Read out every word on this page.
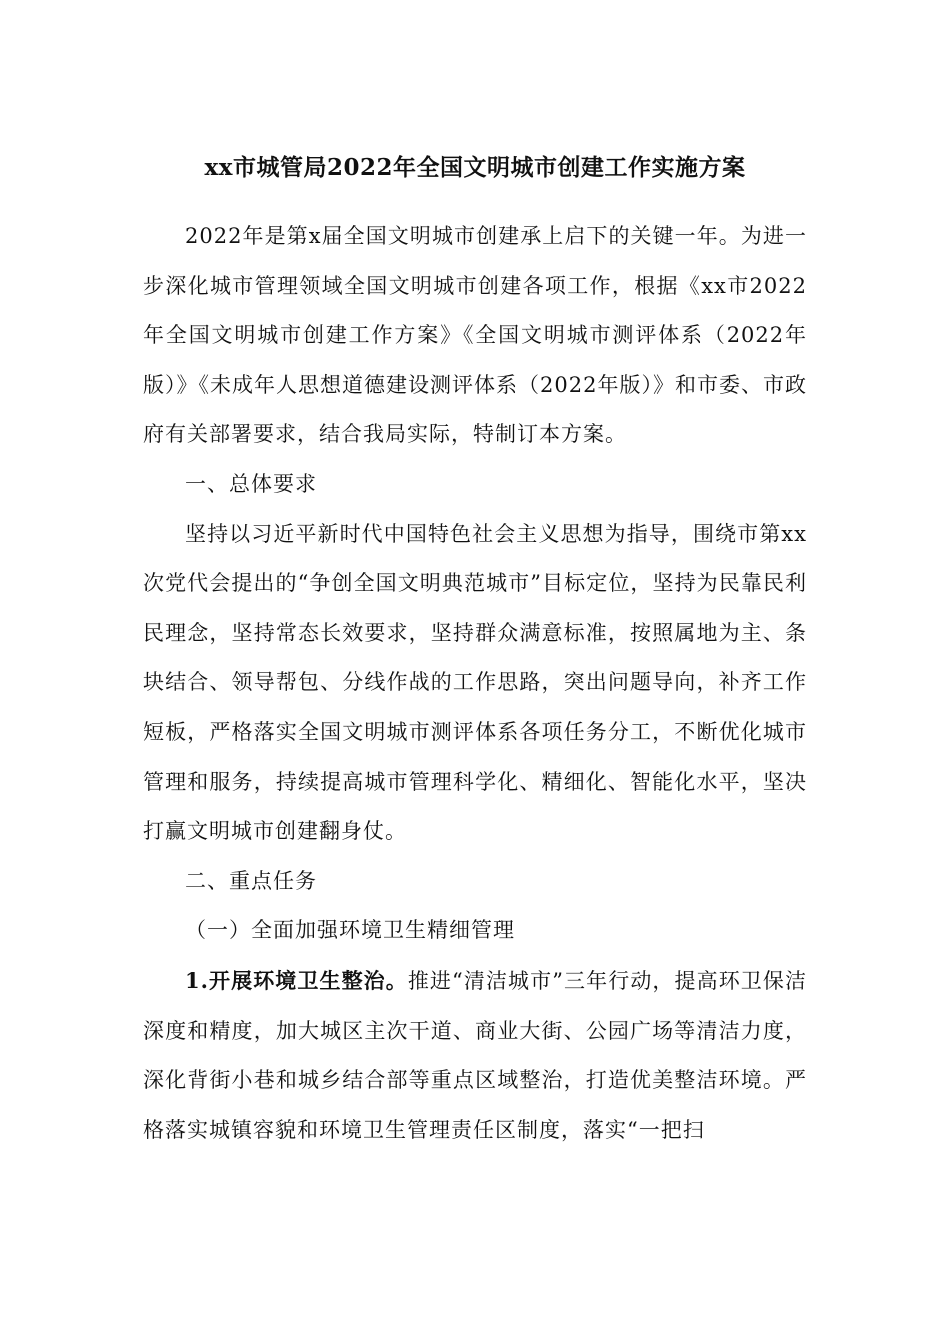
xx市城管局2022年全国文明城市创建工作实施方案

2022年是第x届全国文明城市创建承上启下的关键一年。为进一步深化城市管理领域全国文明城市创建各项工作，根据《xx市2022年全国文明城市创建工作方案》《全国文明城市测评体系（2022年版）》《未成年人思想道德建设测评体系（2022年版）》和市委、市政府有关部署要求，结合我局实际，特制订本方案。

一、总体要求

坚持以习近平新时代中国特色社会主义思想为指导，围绕市第xx次党代会提出的“争创全国文明典范城市”目标定位，坚持为民靠民利民理念，坚持常态长效要求，坚持群众满意标准，按照属地为主、条块结合、领导帮包、分线作战的工作思路，突出问题导向，补齐工作短板，严格落实全国文明城市测评体系各项任务分工，不断优化城市管理和服务，持续提高城市管理科学化、精细化、智能化水平，坚决打赢文明城市创建翻身仗。

二、重点任务

（一）全面加强环境卫生精细管理

1.开展环境卫生整治。推进“清洁城市”三年行动，提高环卫保洁深度和精度，加大城区主次干道、商业大街、公园广场等清洁力度，深化背街小巷和城乡结合部等重点区域整治，打造优美整洁环境。严格落实城镇容貌和环境卫生管理责任区制度，落实“一把扫
